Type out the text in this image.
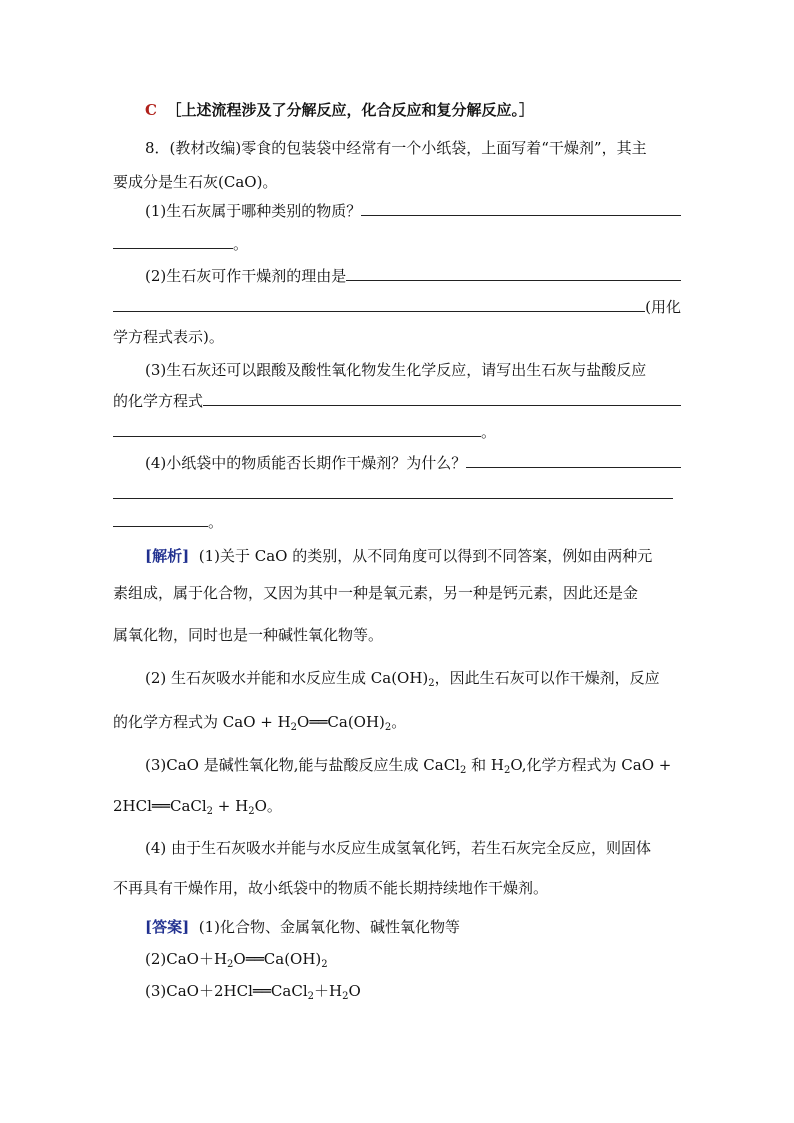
C ［上述流程涉及了分解反应，化合反应和复分解反应。］
8．(教材改编)零食的包装袋中经常有一个小纸袋，上面写着“干燥剂”，其主
要成分是生石灰(CaO)。
(1)生石灰属于哪种类别的物质？
。
(2)生石灰可作干燥剂的理由是
(用化
学方程式表示)。
(3)生石灰还可以跟酸及酸性氧化物发生化学反应，请写出生石灰与盐酸反应
的化学方程式
。
(4)小纸袋中的物质能否长期作干燥剂？为什么？
。
[解析] (1)关于 CaO 的类别，从不同角度可以得到不同答案，例如由两种元
素组成，属于化合物，又因为其中一种是氧元素，另一种是钙元素，因此还是金
属氧化物，同时也是一种碱性氧化物等。
(2) 生石灰吸水并能和水反应生成 $Ca(OH)_2$，因此生石灰可以作干燥剂，反应
的化学方程式为 CaO + $H_2O══Ca(OH)_2$。
(3)CaO 是碱性氧化物,能与盐酸反应生成 CaCl$_2$ 和 $H_2O$,化学方程式为 CaO +
2HCl══CaCl$_2$ + $H_2O$。
(4) 由于生石灰吸水并能与水反应生成氢氧化钙，若生石灰完全反应，则固体
不再具有干燥作用，故小纸袋中的物质不能长期持续地作干燥剂。
[答案] (1)化合物、金属氧化物、碱性氧化物等
$(2)CaO+H_2O══Ca(OH)_2$
$(3)CaO+2HCl══CaCl_2+H_2O$
